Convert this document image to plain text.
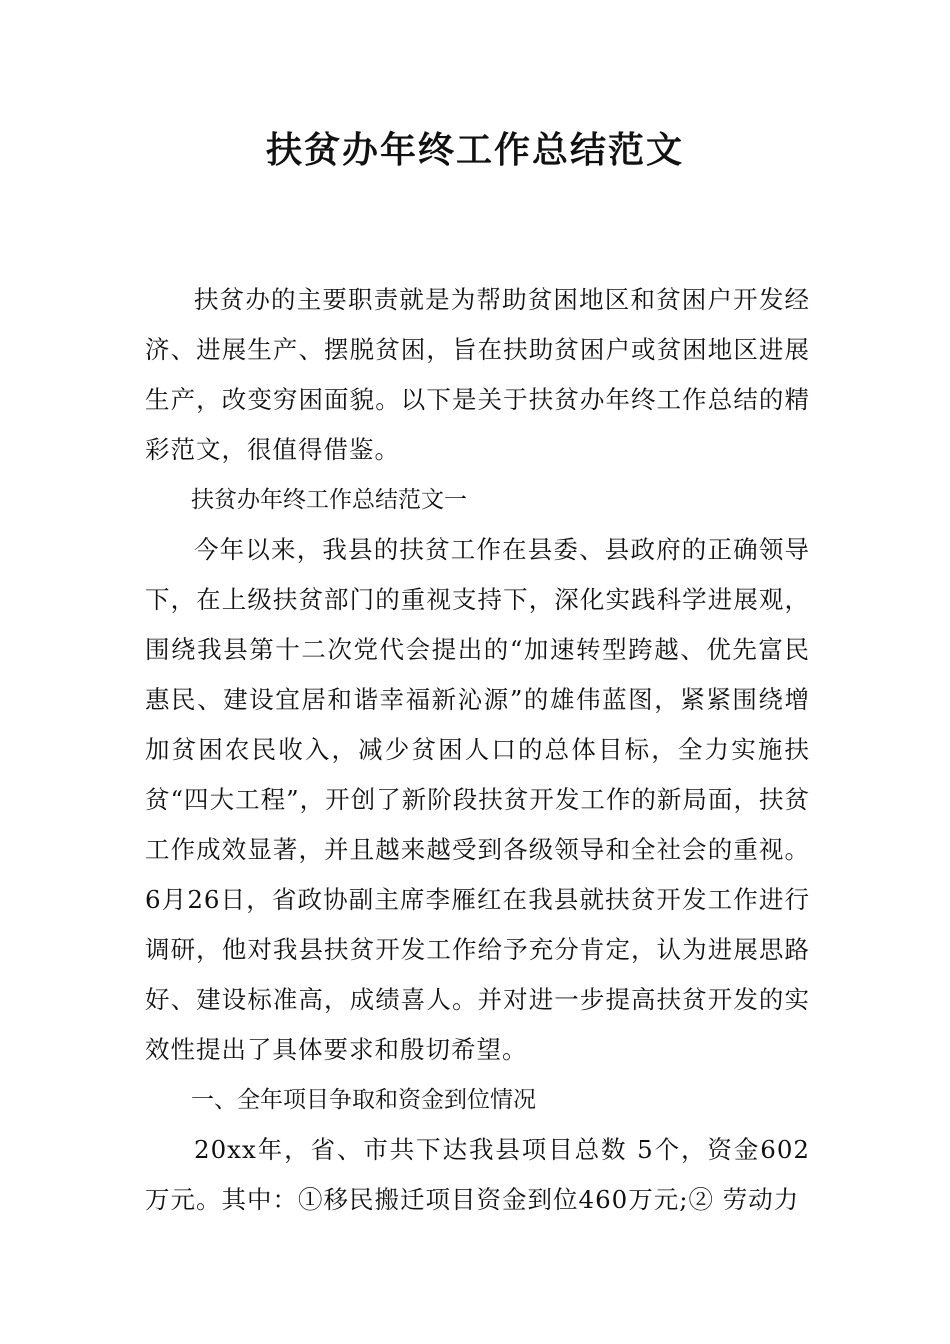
扶贫办年终工作总结范文

扶贫办的主要职责就是为帮助贫困地区和贫困户开发经济、进展生产、摆脱贫困，旨在扶助贫困户或贫困地区进展生产，改变穷困面貌。以下是关于扶贫办年终工作总结的精彩范文，很值得借鉴。

扶贫办年终工作总结范文一

今年以来，我县的扶贫工作在县委、县政府的正确领导下，在上级扶贫部门的重视支持下，深化实践科学进展观，围绕我县第十二次党代会提出的“加速转型跨越、优先富民惠民、建设宜居和谐幸福新沁源”的雄伟蓝图，紧紧围绕增加贫困农民收入，减少贫困人口的总体目标，全力实施扶贫“四大工程”，开创了新阶段扶贫开发工作的新局面，扶贫工作成效显著，并且越来越受到各级领导和全社会的重视。6月26日，省政协副主席李雁红在我县就扶贫开发工作进行调研，他对我县扶贫开发工作给予充分肯定，认为进展思路好、建设标准高，成绩喜人。并对进一步提高扶贫开发的实效性提出了具体要求和殷切希望。

一、全年项目争取和资金到位情况

20xx年，省、市共下达我县项目总数 5个，资金602万元。其中：①移民搬迁项目资金到位460万元;② 劳动力
